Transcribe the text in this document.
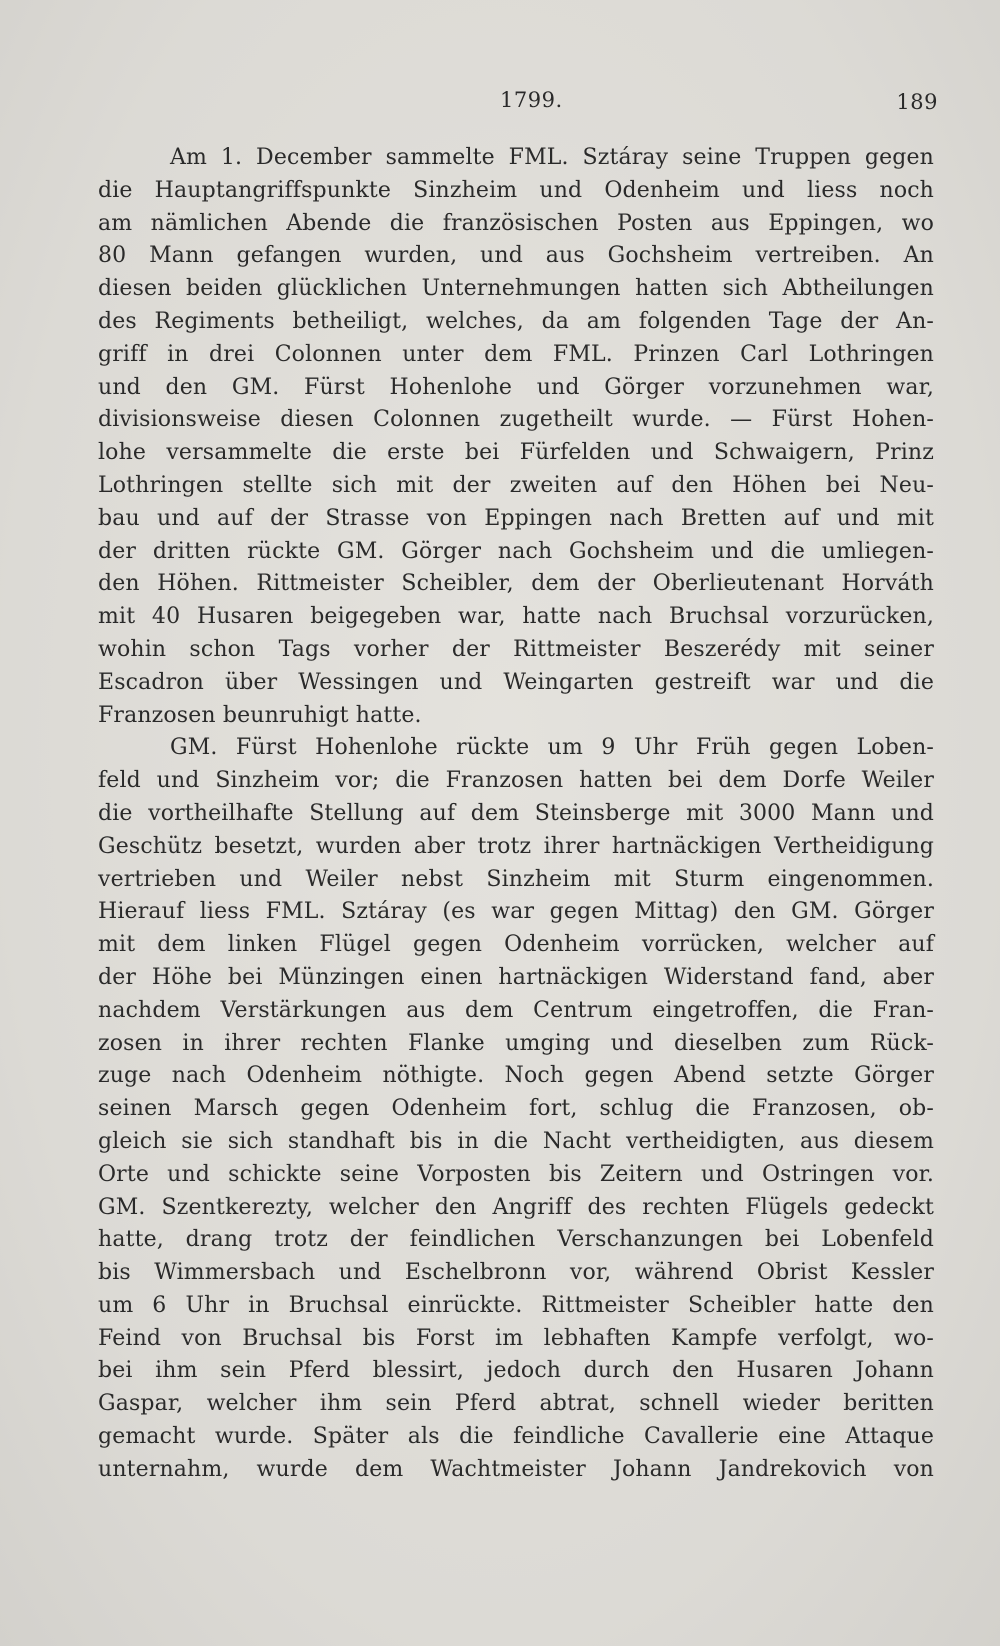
1799.	189
Am 1. December sammelte FML. Sztáray seine Truppen gegen
die Hauptangriffspunkte Sinzheim und Odenheim und liess noch
am nämlichen Abende die französischen Posten aus Eppingen, wo
80 Mann gefangen wurden, und aus Gochsheim vertreiben. An
diesen beiden glücklichen Unternehmungen hatten sich Abtheilungen
des Regiments betheiligt, welches, da am folgenden Tage der An-
griff in drei Colonnen unter dem FML. Prinzen Carl Lothringen
und den GM. Fürst Hohenlohe und Görger vorzunehmen war,
divisionsweise diesen Colonnen zugetheilt wurde. — Fürst Hohen-
lohe versammelte die erste bei Fürfelden und Schwaigern, Prinz
Lothringen stellte sich mit der zweiten auf den Höhen bei Neu-
bau und auf der Strasse von Eppingen nach Bretten auf und mit
der dritten rückte GM. Görger nach Gochsheim und die umliegen-
den Höhen. Rittmeister Scheibler, dem der Oberlieutenant Horváth
mit 40 Husaren beigegeben war, hatte nach Bruchsal vorzurücken,
wohin schon Tags vorher der Rittmeister Beszerédy mit seiner
Escadron über Wessingen und Weingarten gestreift war und die
Franzosen beunruhigt hatte.
GM. Fürst Hohenlohe rückte um 9 Uhr Früh gegen Loben-
feld und Sinzheim vor; die Franzosen hatten bei dem Dorfe Weiler
die vortheilhafte Stellung auf dem Steinsberge mit 3000 Mann und
Geschütz besetzt, wurden aber trotz ihrer hartnäckigen Vertheidigung
vertrieben und Weiler nebst Sinzheim mit Sturm eingenommen.
Hierauf liess FML. Sztáray (es war gegen Mittag) den GM. Görger
mit dem linken Flügel gegen Odenheim vorrücken, welcher auf
der Höhe bei Münzingen einen hartnäckigen Widerstand fand, aber
nachdem Verstärkungen aus dem Centrum eingetroffen, die Fran-
zosen in ihrer rechten Flanke umging und dieselben zum Rück-
zuge nach Odenheim nöthigte. Noch gegen Abend setzte Görger
seinen Marsch gegen Odenheim fort, schlug die Franzosen, ob-
gleich sie sich standhaft bis in die Nacht vertheidigten, aus diesem
Orte und schickte seine Vorposten bis Zeitern und Ostringen vor.
GM. Szentkerezty, welcher den Angriff des rechten Flügels gedeckt
hatte, drang trotz der feindlichen Verschanzungen bei Lobenfeld
bis Wimmersbach und Eschelbronn vor, während Obrist Kessler
um 6 Uhr in Bruchsal einrückte. Rittmeister Scheibler hatte den
Feind von Bruchsal bis Forst im lebhaften Kampfe verfolgt, wo-
bei ihm sein Pferd blessirt, jedoch durch den Husaren Johann
Gaspar, welcher ihm sein Pferd abtrat, schnell wieder beritten
gemacht wurde. Später als die feindliche Cavallerie eine Attaque
unternahm, wurde dem Wachtmeister Johann Jandrekovich von
